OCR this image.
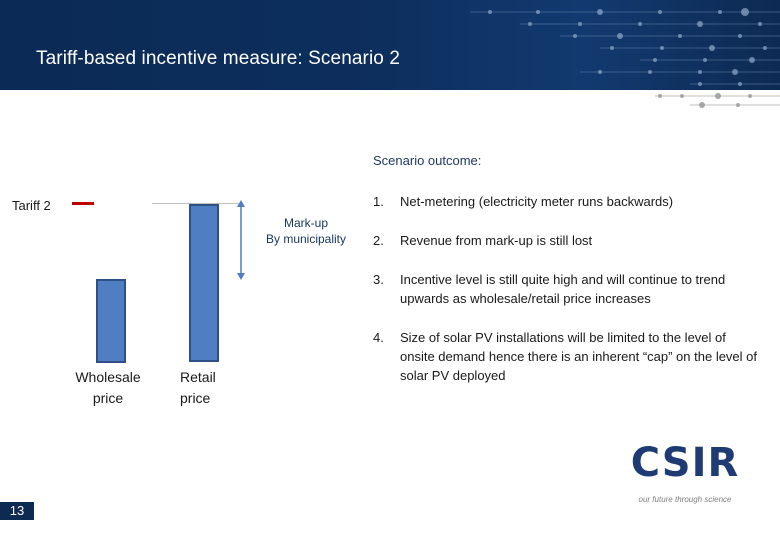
Tariff-based incentive measure: Scenario 2
Tariff 2
Mark-up
By municipality
Wholesale
price
Retail
price
Scenario outcome:
1.	Net-metering (electricity meter runs backwards)
2.	Revenue from mark-up is still lost
3.	Incentive level is still quite high and will continue to trend upwards as wholesale/retail price increases
4.	Size of solar PV installations will be limited to the level of onsite demand hence there is an inherent “cap” on the level of solar PV deployed
CSIR
our future through science
13
